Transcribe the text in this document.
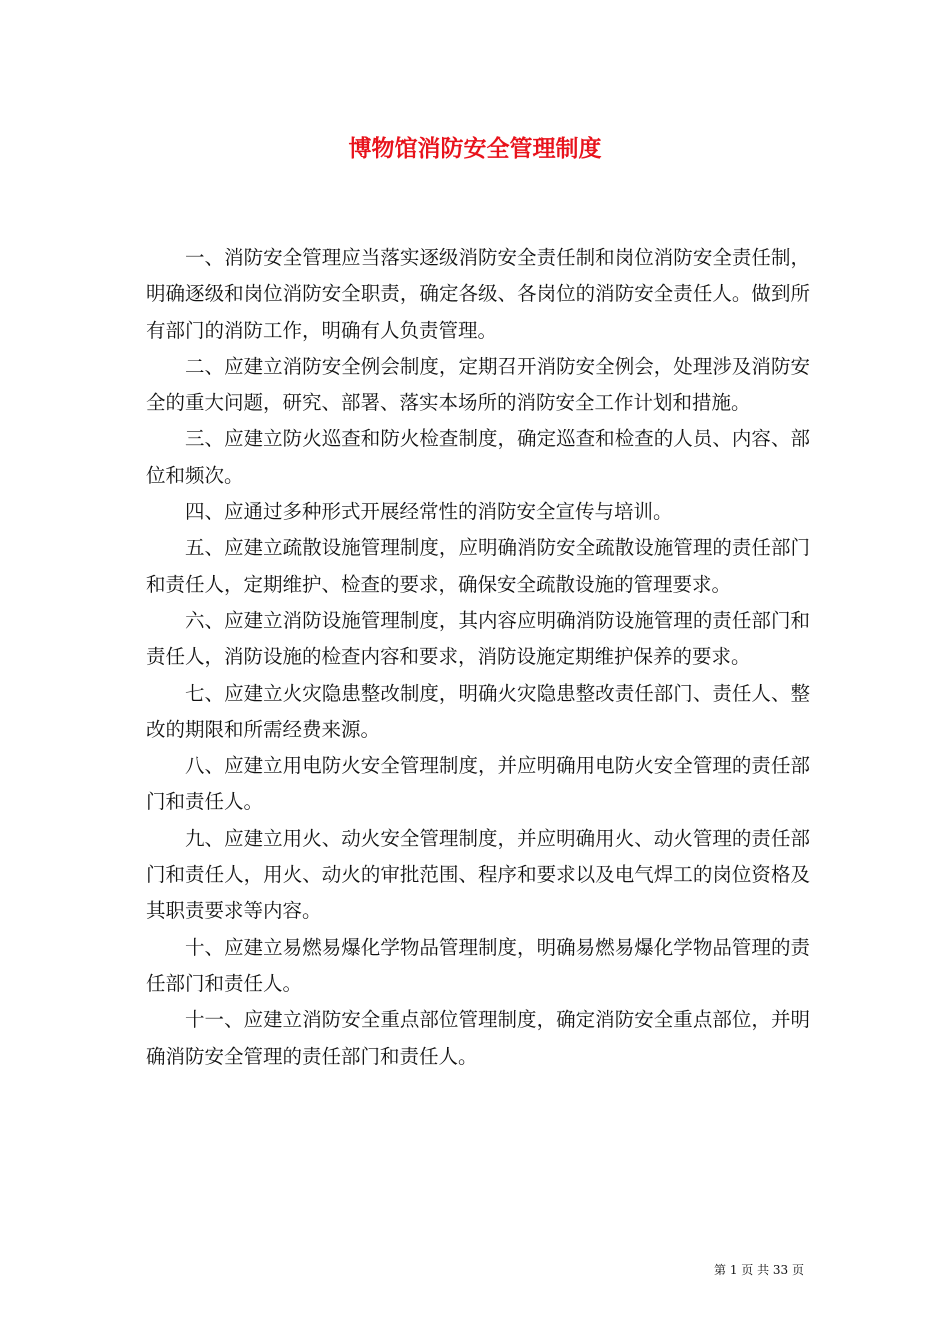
博物馆消防安全管理制度

一、消防安全管理应当落实逐级消防安全责任制和岗位消防安全责任制，明确逐级和岗位消防安全职责，确定各级、各岗位的消防安全责任人。做到所有部门的消防工作，明确有人负责管理。

二、应建立消防安全例会制度，定期召开消防安全例会，处理涉及消防安全的重大问题，研究、部署、落实本场所的消防安全工作计划和措施。

三、应建立防火巡查和防火检查制度，确定巡查和检查的人员、内容、部位和频次。

四、应通过多种形式开展经常性的消防安全宣传与培训。

五、应建立疏散设施管理制度，应明确消防安全疏散设施管理的责任部门和责任人，定期维护、检查的要求，确保安全疏散设施的管理要求。

六、应建立消防设施管理制度，其内容应明确消防设施管理的责任部门和责任人，消防设施的检查内容和要求，消防设施定期维护保养的要求。

七、应建立火灾隐患整改制度，明确火灾隐患整改责任部门、责任人、整改的期限和所需经费来源。

八、应建立用电防火安全管理制度，并应明确用电防火安全管理的责任部门和责任人。

九、应建立用火、动火安全管理制度，并应明确用火、动火管理的责任部门和责任人，用火、动火的审批范围、程序和要求以及电气焊工的岗位资格及其职责要求等内容。

十、应建立易燃易爆化学物品管理制度，明确易燃易爆化学物品管理的责任部门和责任人。

十一、应建立消防安全重点部位管理制度，确定消防安全重点部位，并明确消防安全管理的责任部门和责任人。

第 1 页 共 33 页
